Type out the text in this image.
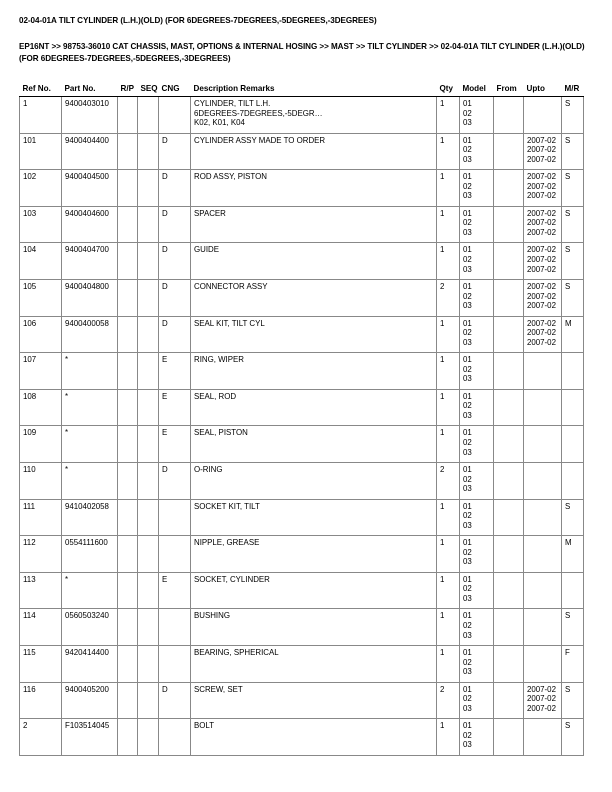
02-04-01A TILT CYLINDER (L.H.)(OLD) (FOR 6DEGREES-7DEGREES,-5DEGREES,-3DEGREES)
EP16NT >> 98753-36010 CAT CHASSIS, MAST, OPTIONS & INTERNAL HOSING >> MAST >> TILT CYLINDER >> 02-04-01A TILT CYLINDER (L.H.)(OLD) (FOR 6DEGREES-7DEGREES,-5DEGREES,-3DEGREES)
Ref No.	Part No.	R/P	SEQ	CNG	Description Remarks	Qty	Model	From	Upto	M/R
1	9400403010				CYLINDER, TILT L.H.
6DEGREES-7DEGREES,-5DEGR…
K02, K01, K04	1	01
02
03			S
101	9400404400			D	CYLINDER ASSY MADE TO ORDER	1	01
02
03		2007-02
2007-02
2007-02	S
102	9400404500			D	ROD ASSY, PISTON	1	01
02
03		2007-02
2007-02
2007-02	S
103	9400404600			D	SPACER	1	01
02
03		2007-02
2007-02
2007-02	S
104	9400404700			D	GUIDE	1	01
02
03		2007-02
2007-02
2007-02	S
105	9400404800			D	CONNECTOR ASSY	2	01
02
03		2007-02
2007-02
2007-02	S
106	9400400058			D	SEAL KIT, TILT CYL	1	01
02
03		2007-02
2007-02
2007-02	M
107	*			E	RING, WIPER	1	01
02
03			

108	*			E	SEAL, ROD	1	01
02
03			

109	*			E	SEAL, PISTON	1	01
02
03			

110	*			D	O-RING	2	01
02
03			

111	9410402058				SOCKET KIT, TILT	1	01
02
03			S
112	0554111600				NIPPLE, GREASE	1	01
02
03			M
113	*			E	SOCKET, CYLINDER	1	01
02
03			

114	0560503240				BUSHING	1	01
02
03			S
115	9420414400				BEARING, SPHERICAL	1	01
02
03			F
116	9400405200			D	SCREW, SET	2	01
02
03		2007-02
2007-02
2007-02	S
2	F103514045				BOLT	1	01
02
03			S
